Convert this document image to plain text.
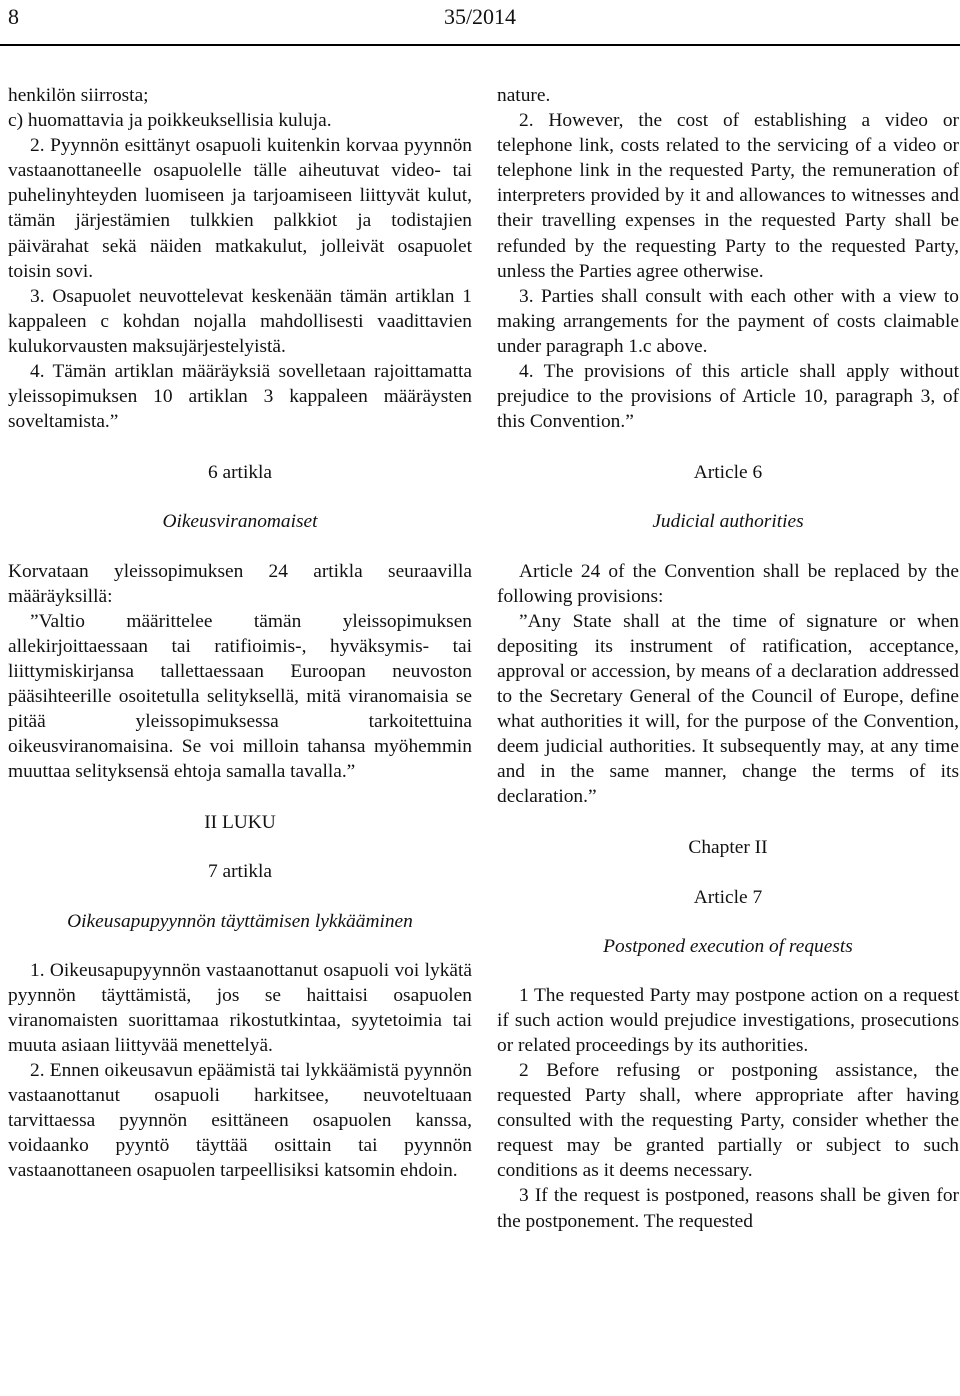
8	35/2014

henkilön siirrosta;

c) huomattavia ja poikkeuksellisia kuluja.

2. Pyynnön esittänyt osapuoli kuitenkin korvaa pyynnön vastaanottaneelle osapuolelle tälle aiheutuvat video- tai puhelinyhteyden luomiseen ja tarjoamiseen liittyvät kulut, tämän järjestämien tulkkien palkkiot ja todistajien päivärahat sekä näiden matkakulut, jolleivät osapuolet toisin sovi.

3. Osapuolet neuvottelevat keskenään tämän artiklan 1 kappaleen c kohdan nojalla mahdollisesti vaadittavien kulukorvausten maksujärjestelyistä.

4. Tämän artiklan määräyksiä sovelletaan rajoittamatta yleissopimuksen 10 artiklan 3 kappaleen määräysten soveltamista.”

6 artikla

Oikeusviranomaiset

Korvataan yleissopimuksen 24 artikla seuraavilla määräyksillä:

”Valtio määrittelee tämän yleissopimuksen allekirjoittaessaan tai ratifioimis-, hyväksymis- tai liittymiskirjansa tallettaessaan Euroopan neuvoston pääsihteerille osoitetulla selityksellä, mitä viranomaisia se pitää yleissopimuksessa tarkoitettuina oikeusviranomaisina. Se voi milloin tahansa myöhemmin muuttaa selityksensä ehtoja samalla tavalla.”

II LUKU

7 artikla

Oikeusapupyynnön täyttämisen lykkääminen

1. Oikeusapupyynnön vastaanottanut osapuoli voi lykätä pyynnön täyttämistä, jos se haittaisi osapuolen viranomaisten suorittamaa rikostutkintaa, syytetoimia tai muuta asiaan liittyvää menettelyä.

2. Ennen oikeusavun epäämistä tai lykkäämistä pyynnön vastaanottanut osapuoli harkitsee, neuvoteltuaan tarvittaessa pyynnön esittäneen osapuolen kanssa, voidaanko pyyntö täyttää osittain tai pyynnön vastaanottaneen osapuolen tarpeellisiksi katsomin ehdoin.

nature.

2. However, the cost of establishing a video or telephone link, costs related to the servicing of a video or telephone link in the requested Party, the remuneration of interpreters provided by it and allowances to witnesses and their travelling expenses in the requested Party shall be refunded by the requesting Party to the requested Party, unless the Parties agree otherwise.

3. Parties shall consult with each other with a view to making arrangements for the payment of costs claimable under paragraph 1.c above.

4. The provisions of this article shall apply without prejudice to the provisions of Article 10, paragraph 3, of this Convention.”

Article 6

Judicial authorities

Article 24 of the Convention shall be replaced by the following provisions:

”Any State shall at the time of signature or when depositing its instrument of ratification, acceptance, approval or accession, by means of a declaration addressed to the Secretary General of the Council of Europe, define what authorities it will, for the purpose of the Convention, deem judicial authorities. It subsequently may, at any time and in the same manner, change the terms of its declaration.”

Chapter II

Article 7

Postponed execution of requests

1 The requested Party may postpone action on a request if such action would prejudice investigations, prosecutions or related proceedings by its authorities.

2 Before refusing or postponing assistance, the requested Party shall, where appropriate after having consulted with the requesting Party, consider whether the request may be granted partially or subject to such conditions as it deems necessary.

3 If the request is postponed, reasons shall be given for the postponement. The requested
